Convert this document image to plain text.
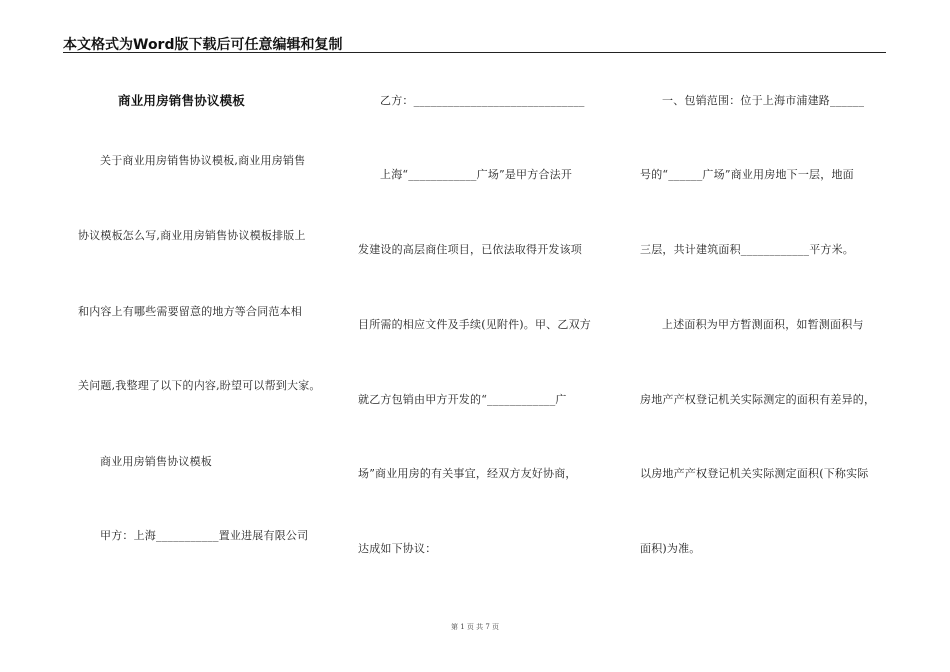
本文格式为Word版下载后可任意编辑和复制
商业用房销售协议模板
关于商业用房销售协议模板,商业用房销售
协议模板怎么写,商业用房销售协议模板排版上
和内容上有哪些需要留意的地方等合同范本相
关问题,我整理了以下的内容,盼望可以帮到大家。
商业用房销售协议模板
甲方：上海___________置业进展有限公司
乙方：______________________________
上海“____________广场”是甲方合法开
发建设的高层商住项目，已依法取得开发该项
目所需的相应文件及手续(见附件)。甲、乙双方
就乙方包销由甲方开发的“____________广
场”商业用房的有关事宜，经双方友好协商，
达成如下协议：
一、包销范围：位于上海市浦建路______
号的“______广场”商业用房地下一层，地面
三层，共计建筑面积____________平方米。
上述面积为甲方暂测面积，如暂测面积与
房地产产权登记机关实际测定的面积有差异的，
以房地产产权登记机关实际测定面积(下称实际
面积)为准。
第 1 页 共 7 页
